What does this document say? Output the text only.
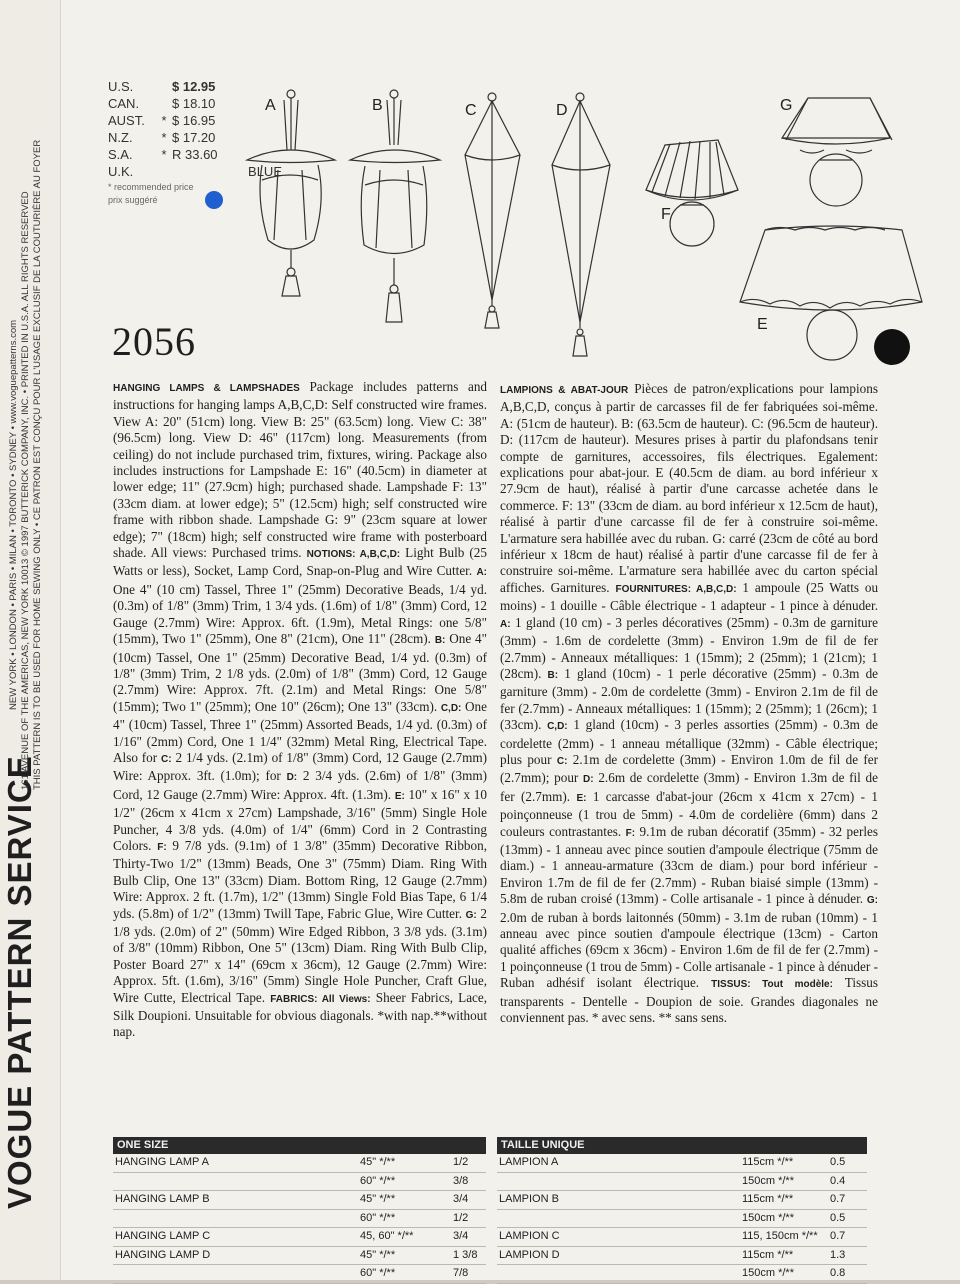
VOGUE PATTERN SERVICE
NEW YORK • LONDON • PARIS • MILAN • TORONTO • SYDNEY • www.voguepatterns.com 161 AVENUE OF THE AMERICAS, NEW YORK 10013 © 1997 BUTTERICK COMPANY, INC. • PRINTED IN U.S.A. ALL RIGHTS RESERVED THIS PATTERN IS TO BE USED FOR HOME SEWING ONLY • CE PATRON EST CONÇU POUR L'USAGE EXCLUSIF DE LA COUTURIÈRE AU FOYER
U.S.	$ 12.95
CAN.	$ 18.10
AUST.	* $ 16.95
N.Z.	* $ 17.20
S.A.	* R 33.60
U.K.	BLUE
* recommended price
prix suggéré
2056
A	B	C	D
F
G
E
HANGING LAMPS & LAMPSHADES Package includes patterns and instructions for hanging lamps A,B,C,D: Self constructed wire frames. View A: 20" (51cm) long. View B: 25" (63.5cm) long. View C: 38" (96.5cm) long. View D: 46" (117cm) long. Measurements (from ceiling) do not include purchased trim, fixtures, wiring. Package also includes instructions for Lampshade E: 16" (40.5cm) in diameter at lower edge; 11" (27.9cm) high; purchased shade. Lampshade F: 13" (33cm diam. at lower edge); 5" (12.5cm) high; self constructed wire frame with ribbon shade. Lampshade G: 9" (23cm square at lower edge); 7" (18cm) high; self constructed wire frame with posterboard shade. All views: Purchased trims. NOTIONS: A,B,C,D: Light Bulb (25 Watts or less), Socket, Lamp Cord, Snap-on-Plug and Wire Cutter. A: One 4" (10 cm) Tassel, Three 1" (25mm) Decorative Beads, 1/4 yd. (0.3m) of 1/8" (3mm) Trim, 1 3/4 yds. (1.6m) of 1/8" (3mm) Cord, 12 Gauge (2.7mm) Wire: Approx. 6ft. (1.9m), Metal Rings: one 5/8" (15mm), Two 1" (25mm), One 8" (21cm), One 11" (28cm). B: One 4" (10cm) Tassel, One 1" (25mm) Decorative Bead, 1/4 yd. (0.3m) of 1/8" (3mm) Trim, 2 1/8 yds. (2.0m) of 1/8" (3mm) Cord, 12 Gauge (2.7mm) Wire: Approx. 7ft. (2.1m) and Metal Rings: One 5/8" (15mm); Two 1" (25mm); One 10" (26cm); One 13" (33cm). C,D: One 4" (10cm) Tassel, Three 1" (25mm) Assorted Beads, 1/4 yd. (0.3m) of 1/16" (2mm) Cord, One 1 1/4" (32mm) Metal Ring, Electrical Tape. Also for C: 2 1/4 yds. (2.1m) of 1/8" (3mm) Cord, 12 Gauge (2.7mm) Wire: Approx. 3ft. (1.0m); for D: 2 3/4 yds. (2.6m) of 1/8" (3mm) Cord, 12 Gauge (2.7mm) Wire: Approx. 4ft. (1.3m). E: 10" x 16" x 10 1/2" (26cm x 41cm x 27cm) Lampshade, 3/16" (5mm) Single Hole Puncher, 4 3/8 yds. (4.0m) of 1/4" (6mm) Cord in 2 Contrasting Colors. F: 9 7/8 yds. (9.1m) of 1 3/8" (35mm) Decorative Ribbon, Thirty-Two 1/2" (13mm) Beads, One 3" (75mm) Diam. Ring With Bulb Clip, One 13" (33cm) Diam. Bottom Ring, 12 Gauge (2.7mm) Wire: Approx. 2 ft. (1.7m), 1/2" (13mm) Single Fold Bias Tape, 6 1/4 yds. (5.8m) of 1/2" (13mm) Twill Tape, Fabric Glue, Wire Cutter. G: 2 1/8 yds. (2.0m) of 2" (50mm) Wire Edged Ribbon, 3 3/8 yds. (3.1m) of 3/8" (10mm) Ribbon, One 5" (13cm) Diam. Ring With Bulb Clip, Poster Board 27" x 14" (69cm x 36cm), 12 Gauge (2.7mm) Wire: Approx. 5ft. (1.6m), 3/16" (5mm) Single Hole Puncher, Craft Glue, Wire Cutte, Electrical Tape. FABRICS: All Views: Sheer Fabrics, Lace, Silk Doupioni. Unsuitable for obvious diagonals. *with nap.**without nap.
LAMPIONS & ABAT-JOUR Pièces de patron/explications pour lampions A,B,C,D, conçus à partir de carcasses fil de fer fabriquées soi-même. A: (51cm de hauteur). B: (63.5cm de hauteur). C: (96.5cm de hauteur). D: (117cm de hauteur). Mesures prises à partir du plafondsans tenir compte de garnitures, accessoires, fils électriques. Egalement: explications pour abat-jour. E (40.5cm de diam. au bord inférieur x 27.9cm de haut), réalisé à partir d'une carcasse achetée dans le commerce. F: 13" (33cm de diam. au bord inférieur x 12.5cm de haut), réalisé à partir d'une carcasse fil de fer à construire soi-même. L'armature sera habillée avec du ruban. G: carré (23cm de côté au bord inférieur x 18cm de haut) réalisé à partir d'une carcasse fil de fer à construire soi-même. L'armature sera habillée avec du carton spécial affiches. Garnitures. FOURNITURES: A,B,C,D: 1 ampoule (25 Watts ou moins) - 1 douille - Câble électrique - 1 adapteur - 1 pince à dénuder. A: 1 gland (10 cm) - 3 perles décoratives (25mm) - 0.3m de garniture (3mm) - 1.6m de cordelette (3mm) - Environ 1.9m de fil de fer (2.7mm) - Anneaux métalliques: 1 (15mm); 2 (25mm); 1 (21cm); 1 (28cm). B: 1 gland (10cm) - 1 perle décorative (25mm) - 0.3m de garniture (3mm) - 2.0m de cordelette (3mm) - Environ 2.1m de fil de fer (2.7mm) - Anneaux métalliques: 1 (15mm); 2 (25mm); 1 (26cm); 1 (33cm). C,D: 1 gland (10cm) - 3 perles assorties (25mm) - 0.3m de cordelette (2mm) - 1 anneau métallique (32mm) - Câble électrique; plus pour C: 2.1m de cordelette (3mm) - Environ 1.0m de fil de fer (2.7mm); pour D: 2.6m de cordelette (3mm) - Environ 1.3m de fil de fer (2.7mm). E: 1 carcasse d'abat-jour (26cm x 41cm x 27cm) - 1 poinçonneuse (1 trou de 5mm) - 4.0m de cordelière (6mm) dans 2 couleurs contrastantes. F: 9.1m de ruban décoratif (35mm) - 32 perles (13mm) - 1 anneau avec pince soutien d'ampoule électrique (75mm de diam.) - 1 anneau-armature (33cm de diam.) pour bord inférieur - Environ 1.7m de fil de fer (2.7mm) - Ruban biaisé simple (13mm) - 5.8m de ruban croisé (13mm) - Colle artisanale - 1 pince à dénuder. G: 2.0m de ruban à bords laitonnés (50mm) - 3.1m de ruban (10mm) - 1 anneau avec pince soutien d'ampoule électrique (13cm) - Carton qualité affiches (69cm x 36cm) - Environ 1.6m de fil de fer (2.7mm) - 1 poinçonneuse (1 trou de 5mm) - Colle artisanale - 1 pince à dénuder - Ruban adhésif isolant électrique. TISSUS: Tout modèle: Tissus transparents - Dentelle - Doupion de soie. Grandes diagonales ne conviennent pas. * avec sens. ** sans sens.
ONE SIZE
HANGING LAMP A	45" */**	1/2
60" */**	3/8
HANGING LAMP B	45" */**	3/4
60" */**	1/2
HANGING LAMP C	45, 60" */**	3/4
HANGING LAMP D	45" */**	1 3/8
60" */**	7/8
TAILLE UNIQUE
LAMPION A	115cm */**	0.5
150cm */**	0.4
LAMPION B	115cm */**	0.7
150cm */**	0.5
LAMPION C	115, 150cm */** 0.7
LAMPION D	115cm */**	1.3
150cm */**	0.8
